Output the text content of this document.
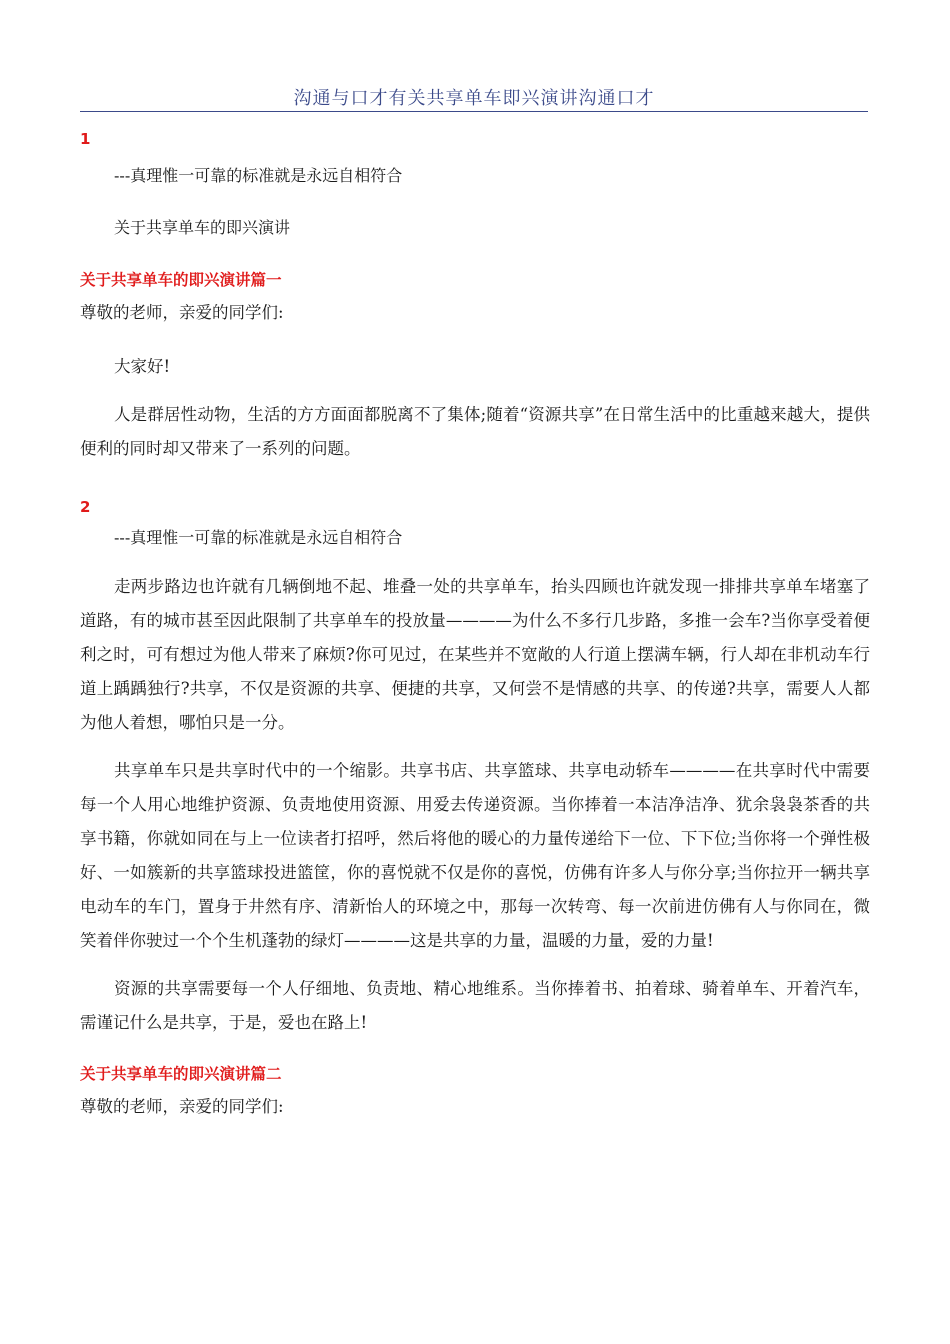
沟通与口才有关共享单车即兴演讲沟通口才
1

---真理惟一可靠的标准就是永远自相符合

关于共享单车的即兴演讲

关于共享单车的即兴演讲篇一

尊敬的老师，亲爱的同学们:

大家好!

人是群居性动物，生活的方方面面都脱离不了集体;随着“资源共享”在日常生活中的比重越来越大，提供便利的同时却又带来了一系列的问题。

2

---真理惟一可靠的标准就是永远自相符合

走两步路边也许就有几辆倒地不起、堆叠一处的共享单车，抬头四顾也许就发现一排排共享单车堵塞了道路，有的城市甚至因此限制了共享单车的投放量————为什么不多行几步路，多推一会车?当你享受着便利之时，可有想过为他人带来了麻烦?你可见过，在某些并不宽敞的人行道上摆满车辆，行人却在非机动车行道上踽踽独行?共享，不仅是资源的共享、便捷的共享，又何尝不是情感的共享、的传递?共享，需要人人都为他人着想，哪怕只是一分。

共享单车只是共享时代中的一个缩影。共享书店、共享篮球、共享电动轿车————在共享时代中需要每一个人用心地维护资源、负责地使用资源、用爱去传递资源。当你捧着一本洁净洁净、犹余袅袅茶香的共享书籍，你就如同在与上一位读者打招呼，然后将他的暖心的力量传递给下一位、下下位;当你将一个弹性极好、一如簇新的共享篮球投进篮筐，你的喜悦就不仅是你的喜悦，仿佛有许多人与你分享;当你拉开一辆共享电动车的车门，置身于井然有序、清新怡人的环境之中，那每一次转弯、每一次前进仿佛有人与你同在，微笑着伴你驶过一个个生机蓬勃的绿灯————这是共享的力量，温暖的力量，爱的力量!

资源的共享需要每一个人仔细地、负责地、精心地维系。当你捧着书、拍着球、骑着单车、开着汽车，需谨记什么是共享，于是，爱也在路上!

关于共享单车的即兴演讲篇二

尊敬的老师，亲爱的同学们:
